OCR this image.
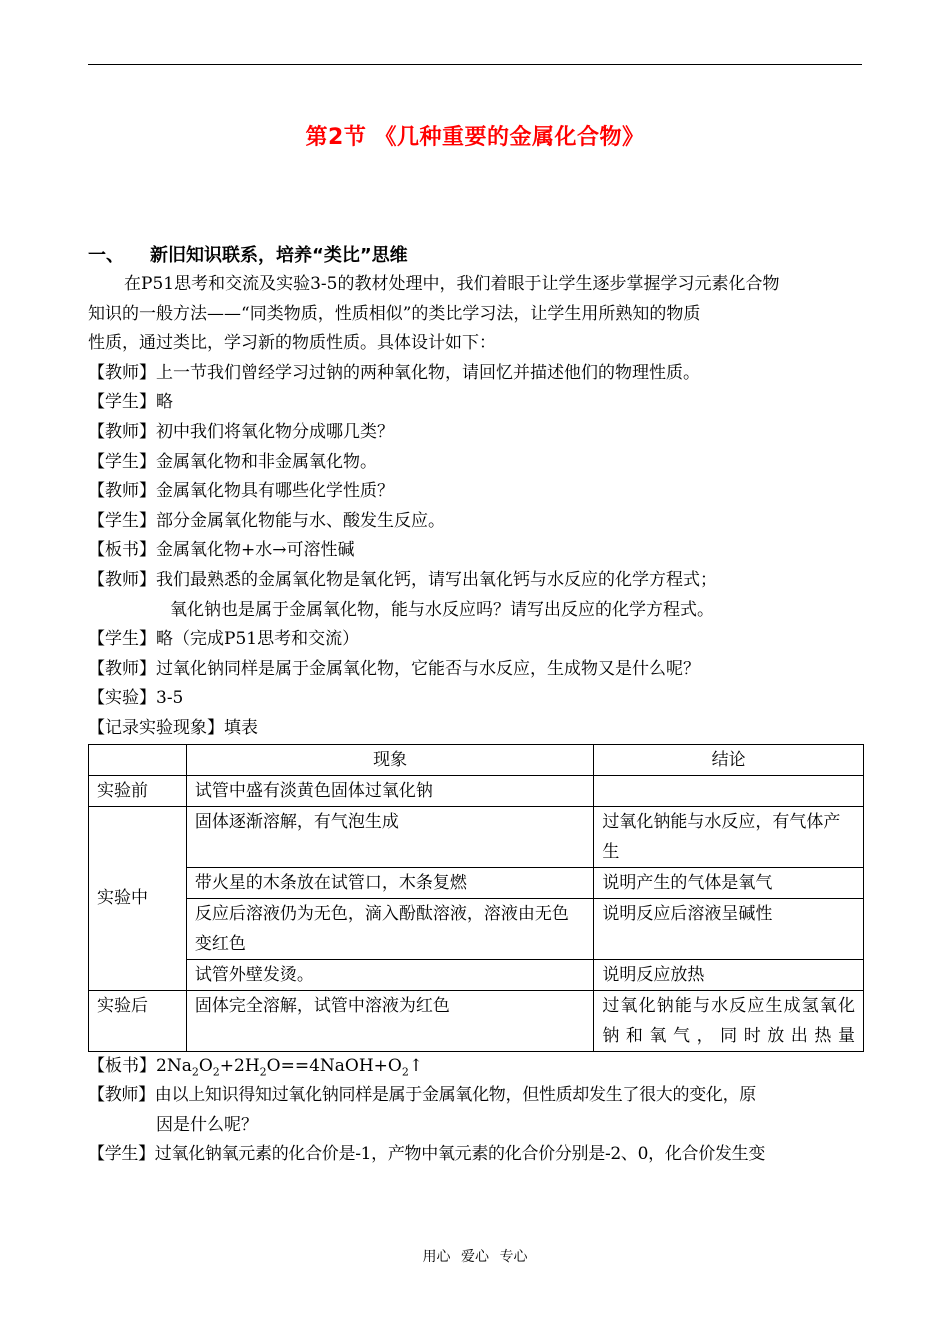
第2节 《几种重要的金属化合物》
一、 新旧知识联系，培养“类比”思维
在P51思考和交流及实验3-5的教材处理中，我们着眼于让学生逐步掌握学习元素化合物
知识的一般方法——“同类物质，性质相似”的类比学习法，让学生用所熟知的物质
性质，通过类比，学习新的物质性质。具体设计如下：
【教师】上一节我们曾经学习过钠的两种氧化物，请回忆并描述他们的物理性质。
【学生】略
【教师】初中我们将氧化物分成哪几类？
【学生】金属氧化物和非金属氧化物。
【教师】金属氧化物具有哪些化学性质？
【学生】部分金属氧化物能与水、酸发生反应。
【板书】金属氧化物+水→可溶性碱
【教师】我们最熟悉的金属氧化物是氧化钙，请写出氧化钙与水反应的化学方程式；
氧化钠也是属于金属氧化物，能与水反应吗？请写出反应的化学方程式。
【学生】略（完成P51思考和交流）
【教师】过氧化钠同样是属于金属氧化物，它能否与水反应，生成物又是什么呢？
【实验】3-5
【记录实验现象】填表
	现象	结论
实验前	试管中盛有淡黄色固体过氧化钠	
实验中	固体逐渐溶解，有气泡生成	过氧化钠能与水反应，有气体产生
	带火星的木条放在试管口，木条复燃	说明产生的气体是氧气
	反应后溶液仍为无色，滴入酚酞溶液，溶液由无色变红色	说明反应后溶液呈碱性
	试管外壁发烫。	说明反应放热
实验后	固体完全溶解，试管中溶液为红色	过氧化钠能与水反应生成氢氧化钠和氧气，同时放出热量
【板书】$2Na_2O_2+2H_2O==4NaOH+O_2↑$
【教师】由以上知识得知过氧化钠同样是属于金属氧化物，但性质却发生了很大的变化，原
因是什么呢？
【学生】过氧化钠氧元素的化合价是-1，产物中氧元素的化合价分别是-2、0，化合价发生变
用心 爱心 专心
